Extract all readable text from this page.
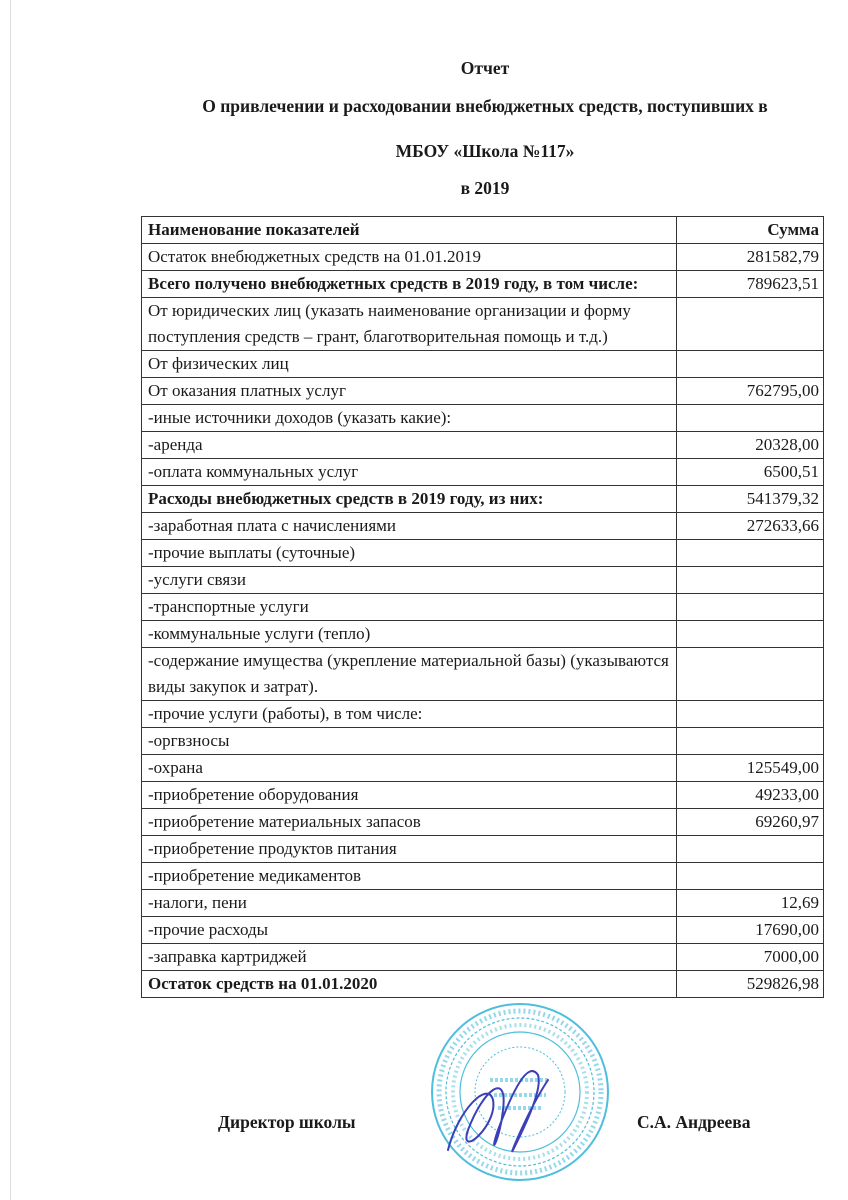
Отчет
О привлечении и расходовании внебюджетных средств, поступивших в
МБОУ «Школа №117»
в 2019
Наименование показателей	Сумма
Остаток внебюджетных средств на 01.01.2019	281582,79
Всего получено внебюджетных средств в 2019 году, в том числе:	789623,51
От юридических лиц (указать наименование организации и форму поступления средств – грант, благотворительная помощь и т.д.)	
От физических лиц	
От оказания платных услуг	762795,00
-иные источники доходов (указать какие):	
-аренда	20328,00
-оплата коммунальных услуг	6500,51
Расходы внебюджетных средств в 2019 году, из них:	541379,32
-заработная плата с начислениями	272633,66
-прочие выплаты (суточные)	
-услуги связи	
-транспортные услуги	
-коммунальные услуги (тепло)	
-содержание имущества (укрепление материальной базы) (указываются виды закупок и затрат).	
-прочие услуги (работы), в том числе:	
-оргвзносы	
-охрана	125549,00
-приобретение оборудования	49233,00
-приобретение материальных запасов	69260,97
-приобретение продуктов питания	
-приобретение медикаментов	
-налоги, пени	12,69
-прочие расходы	17690,00
-заправка картриджей	7000,00
Остаток средств на 01.01.2020	529826,98
Директор школы	С.А. Андреева
